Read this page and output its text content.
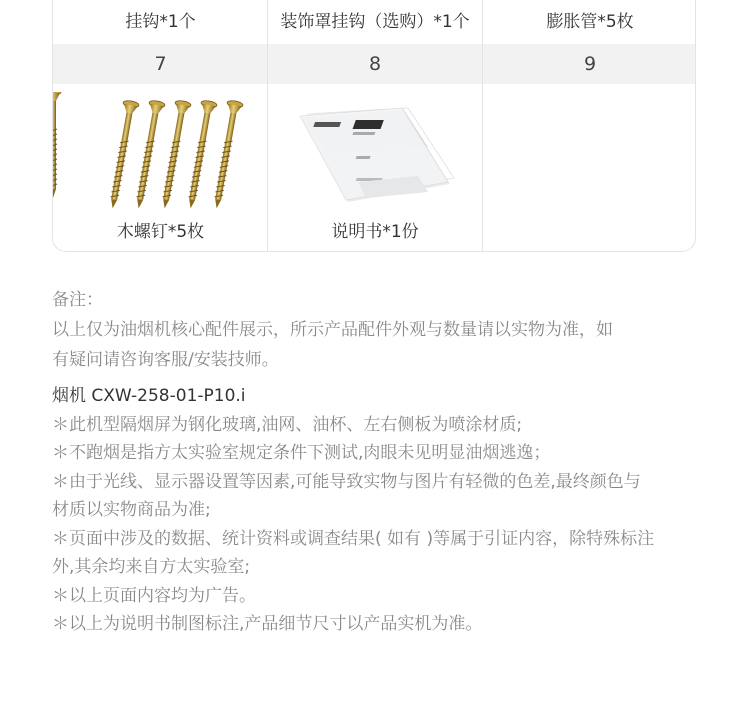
挂钩*1个
7
木螺钉*5枚
装饰罩挂钩（选购）*1个
8
说明书*1份
膨胀管*5枚
9

备注：

以上仅为油烟机核心配件展示，所示产品配件外观与数量请以实物为准，如

有疑问请咨询客服/安装技师。

烟机 CXW-258-01-P10.i

＊此机型隔烟屏为钢化玻璃,油网、油杯、左右侧板为喷涂材质;

＊不跑烟是指方太实验室规定条件下测试,肉眼未见明显油烟逃逸；

＊由于光线、显示器设置等因素,可能导致实物与图片有轻微的色差,最终颜色与

材质以实物商品为准;

＊页面中涉及的数据、统计资料或调查结果( 如有 )等属于引证内容，除特殊标注

外,其余均来自方太实验室;

＊以上页面内容均为广告。

＊以上为说明书制图标注,产品细节尺寸以产品实机为准。
